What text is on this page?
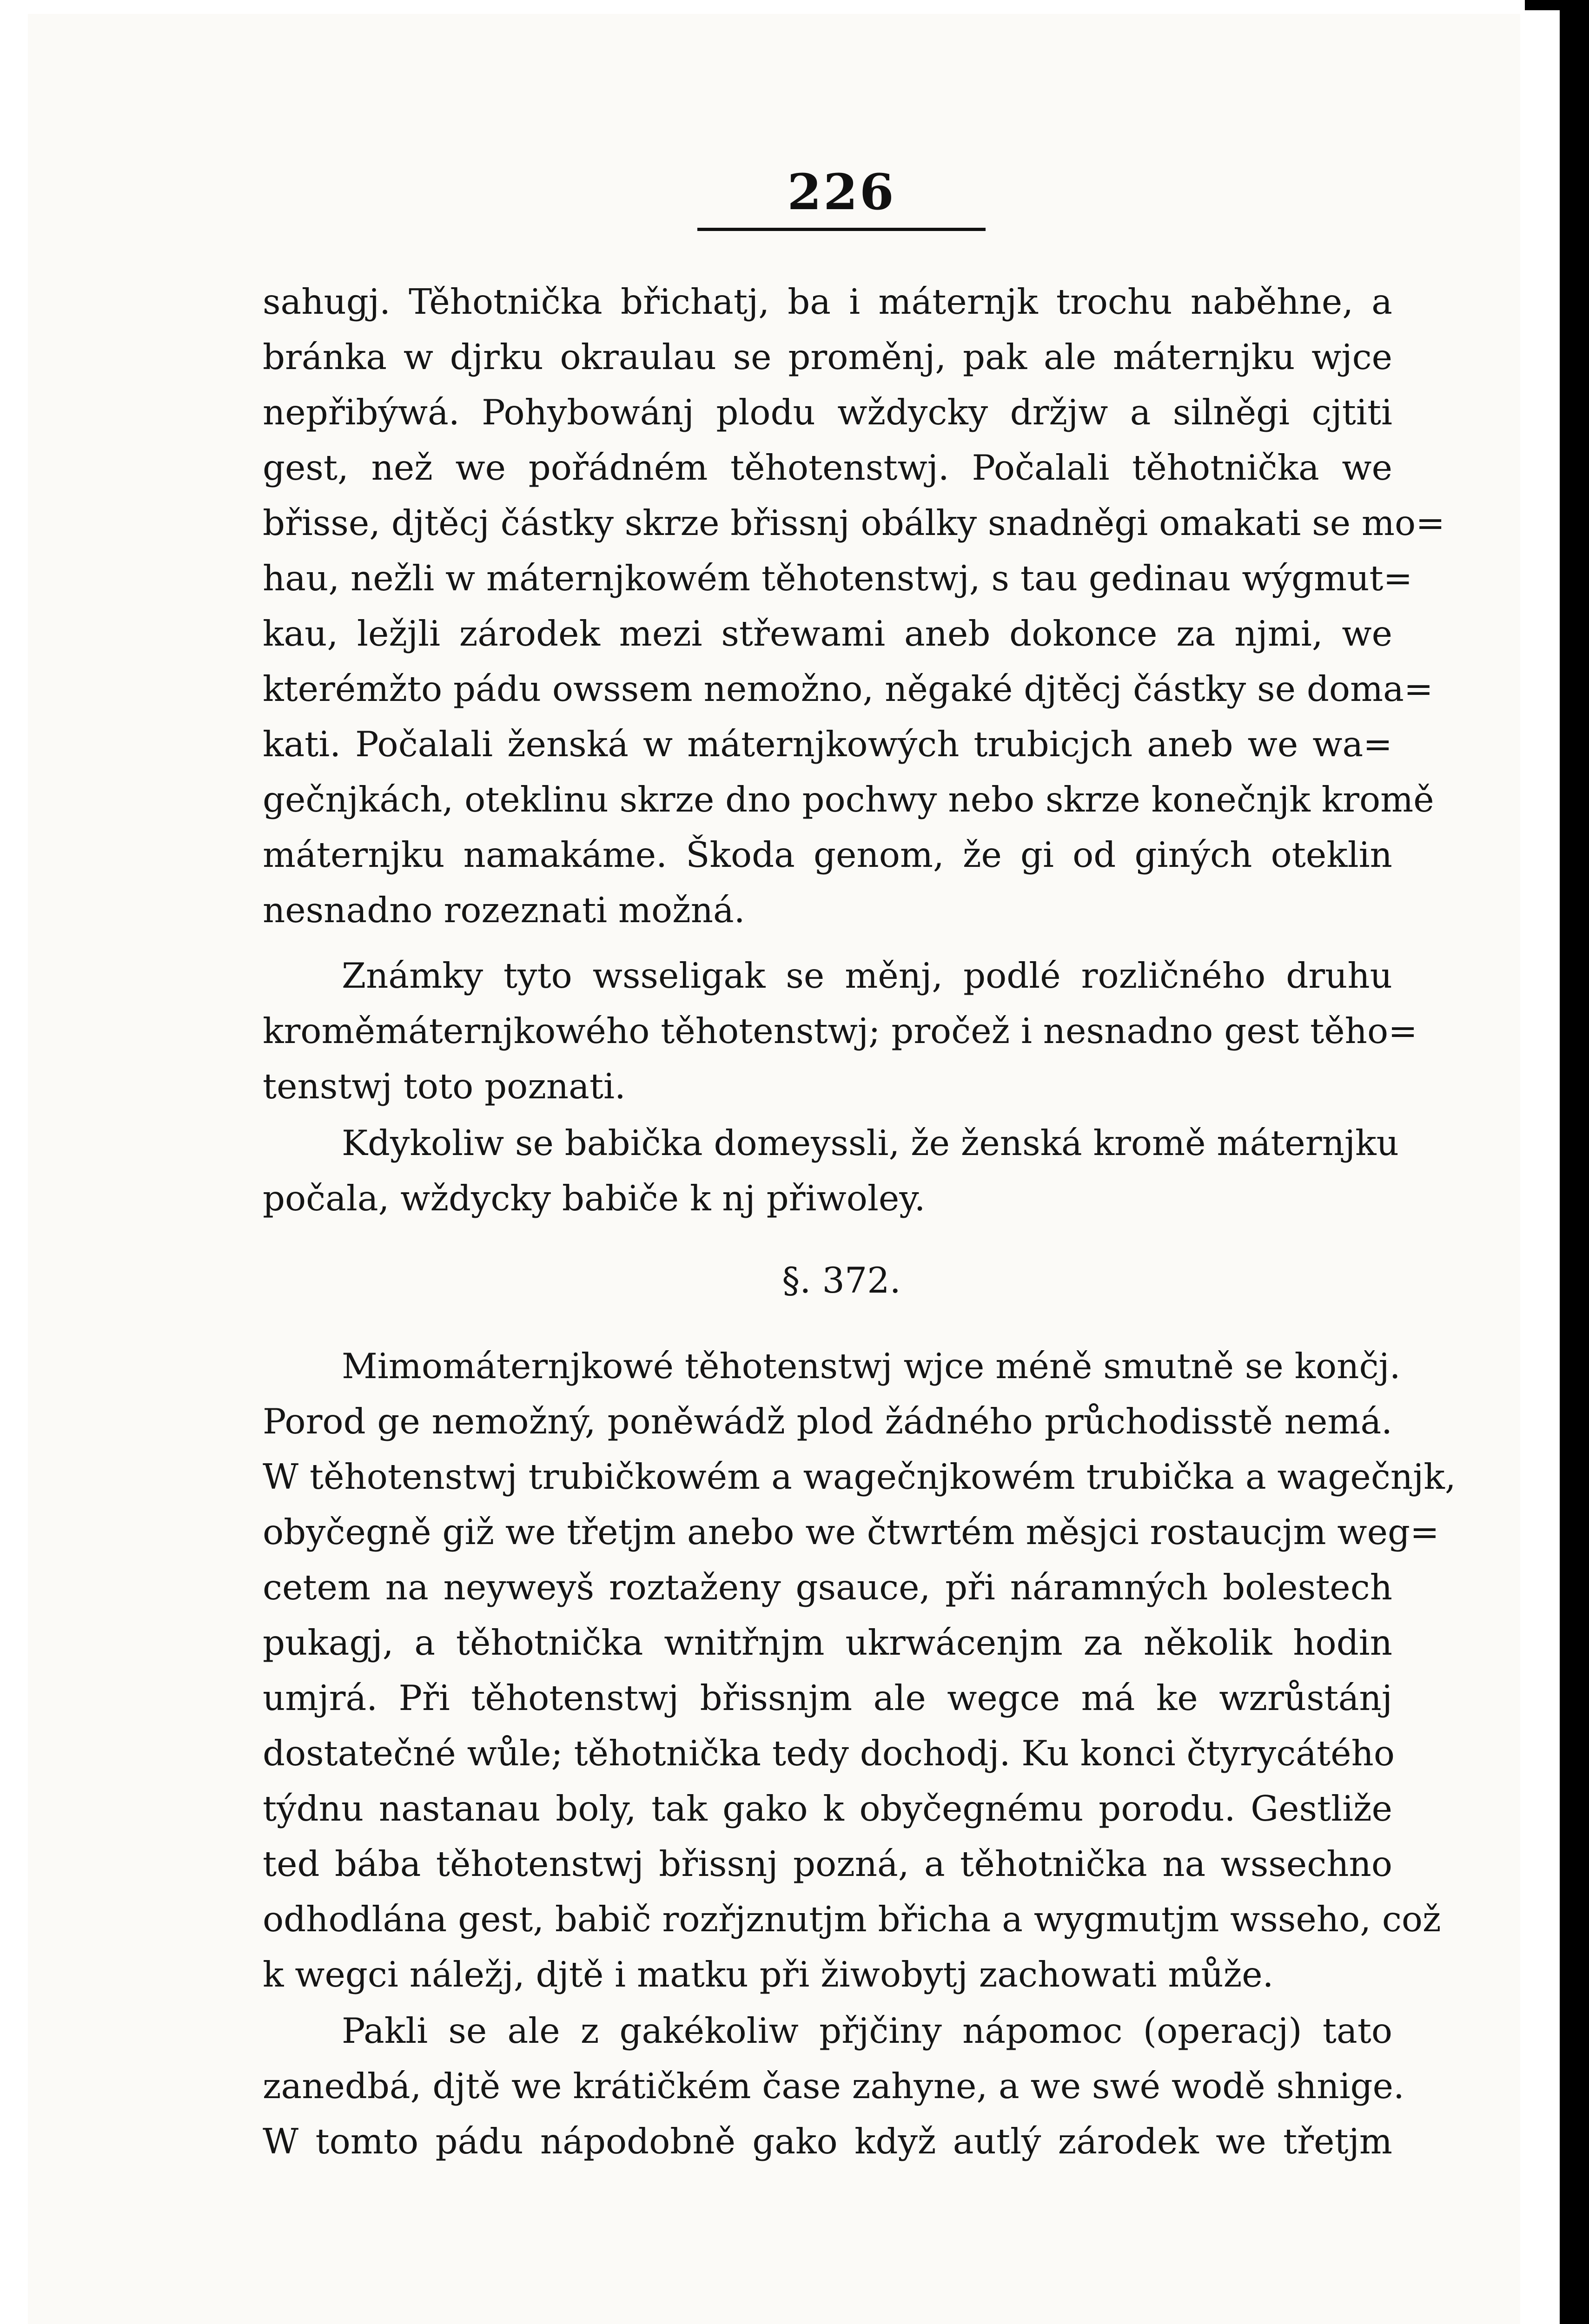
226
sahugj. Těhotnička břichatj, ba i máternjk trochu naběhne, a
bránka w djrku okraulau se proměnj, pak ale máternjku wjce
nepřibýwá. Pohybowánj plodu wždycky držjw a silněgi cjtiti
gest, než we pořádném těhotenstwj. Počalali těhotnička we
břisse, djtěcj částky skrze břissnj obálky snadněgi omakati se mo=
hau, nežli w máternjkowém těhotenstwj, s tau gedinau wýgmut=
kau, ležjli zárodek mezi střewami aneb dokonce za njmi, we
kterémžto pádu owssem nemožno, něgaké djtěcj částky se doma=
kati. Počalali ženská w máternjkowých trubicjch aneb we wa=
gečnjkách, oteklinu skrze dno pochwy nebo skrze konečnjk kromě
máternjku namakáme. Škoda genom, že gi od giných oteklin
nesnadno rozeznati možná.
Známky tyto wsseligak se měnj, podlé rozličného druhu
kroměmáternjkowého těhotenstwj; pročež i nesnadno gest těho=
tenstwj toto poznati.
Kdykoliw se babička domeyssli, že ženská kromě máternjku
počala, wždycky babiče k nj přiwoley.
§. 372.
Mimomáternjkowé těhotenstwj wjce méně smutně se končj.
Porod ge nemožný, poněwádž plod žádného průchodisstě nemá.
W těhotenstwj trubičkowém a wagečnjkowém trubička a wagečnjk,
obyčegně giž we třetjm anebo we čtwrtém měsjci rostaucjm weg=
cetem na neyweyš roztaženy gsauce, při náramných bolestech
pukagj, a těhotnička wnitřnjm ukrwácenjm za několik hodin
umjrá. Při těhotenstwj břissnjm ale wegce má ke wzrůstánj
dostatečné wůle; těhotnička tedy dochodj. Ku konci čtyrycátého
týdnu nastanau boly, tak gako k obyčegnému porodu. Gestliže
ted bába těhotenstwj břissnj pozná, a těhotnička na wssechno
odhodlána gest, babič rozřjznutjm břicha a wygmutjm wsseho, což
k wegci náležj, djtě i matku při žiwobytj zachowati může.
Pakli se ale z gakékoliw přjčiny nápomoc (operacj) tato
zanedbá, djtě we krátičkém čase zahyne, a we swé wodě shnige.
W tomto pádu nápodobně gako když autlý zárodek we třetjm
